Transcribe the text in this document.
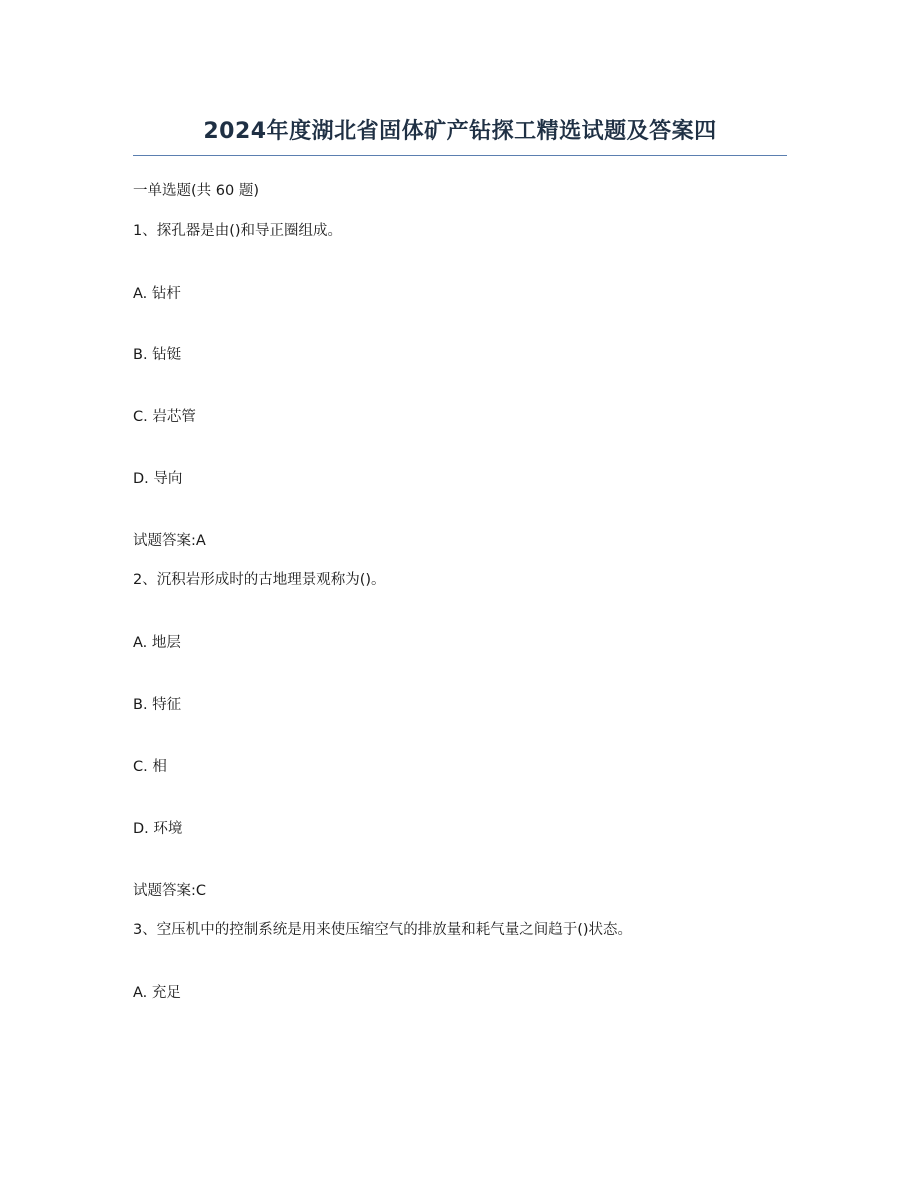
2024年度湖北省固体矿产钻探工精选试题及答案四
一单选题(共 60 题)
1、探孔器是由()和导正圈组成。
A. 钻杆
B. 钻铤
C. 岩芯管
D. 导向
试题答案:A
2、沉积岩形成时的古地理景观称为()。
A. 地层
B. 特征
C. 相
D. 环境
试题答案:C
3、空压机中的控制系统是用来使压缩空气的排放量和耗气量之间趋于()状态。
A. 充足
